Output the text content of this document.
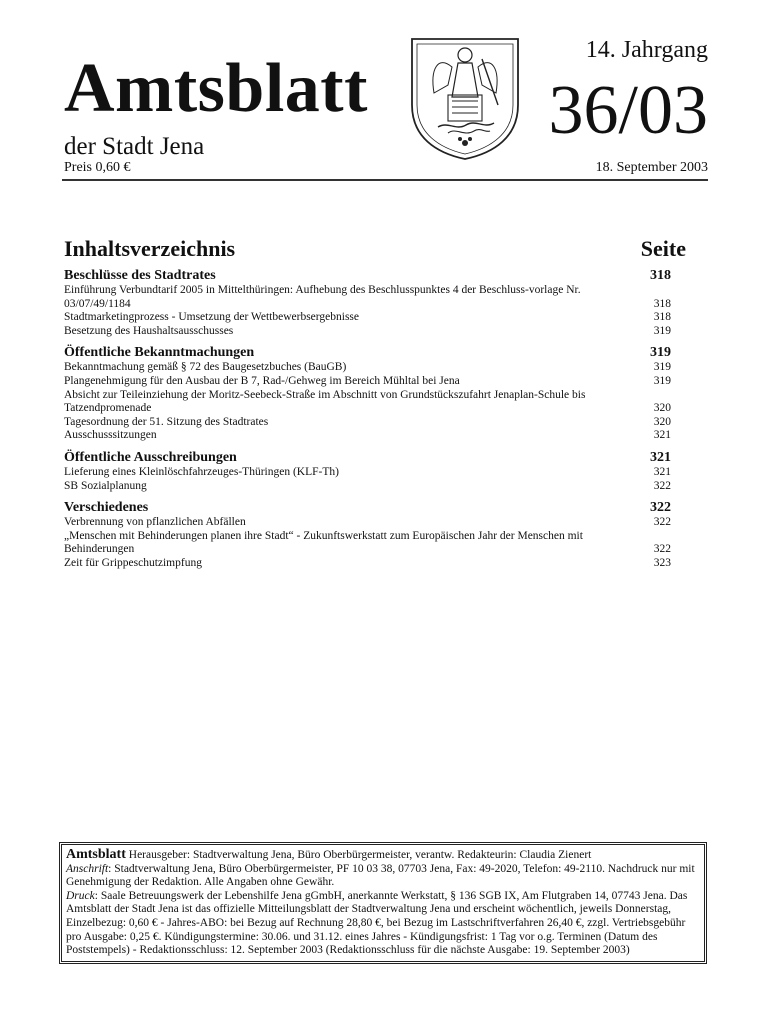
Amtsblatt
der Stadt Jena
Preis 0,60 €
14. Jahrgang
36/03
18. September 2003
Inhaltsverzeichnis	Seite
Beschlüsse des Stadtrates	318
Einführung Verbundtarif 2005 in Mittelthüringen: Aufhebung des Beschlusspunktes 4 der Beschluss-vorlage Nr. 03/07/49/1184	318
Stadtmarketingprozess - Umsetzung der Wettbewerbsergebnisse	318
Besetzung des Haushaltsausschusses	319
Öffentliche Bekanntmachungen	319
Bekanntmachung gemäß § 72 des Baugesetzbuches (BauGB)	319
Plangenehmigung für den Ausbau der B 7, Rad-/Gehweg im Bereich Mühltal bei Jena	319
Absicht zur Teileinziehung der Moritz-Seebeck-Straße im Abschnitt von Grundstückszufahrt Jenaplan-Schule bis Tatzendpromenade	320
Tagesordnung der 51. Sitzung des Stadtrates	320
Ausschusssitzungen	321
Öffentliche Ausschreibungen	321
Lieferung eines Kleinlöschfahrzeuges-Thüringen (KLF-Th)	321
SB Sozialplanung	322
Verschiedenes	322
Verbrennung von pflanzlichen Abfällen	322
„Menschen mit Behinderungen planen ihre Stadt“ - Zukunftswerkstatt zum Europäischen Jahr der Menschen mit Behinderungen	322
Zeit für Grippeschutzimpfung	323
Amtsblatt Herausgeber: Stadtverwaltung Jena, Büro Oberbürgermeister, verantw. Redakteurin: Claudia Zienert
Anschrift: Stadtverwaltung Jena, Büro Oberbürgermeister, PF 10 03 38, 07703 Jena, Fax: 49-2020, Telefon: 49-2110. Nachdruck nur mit Genehmigung der Redaktion. Alle Angaben ohne Gewähr.
Druck: Saale Betreuungswerk der Lebenshilfe Jena gGmbH, anerkannte Werkstatt, § 136 SGB IX, Am Flutgraben 14, 07743 Jena. Das Amtsblatt der Stadt Jena ist das offizielle Mitteilungsblatt der Stadtverwaltung Jena und erscheint wöchentlich, jeweils Donnerstag, Einzelbezug: 0,60 € - Jahres-ABO: bei Bezug auf Rechnung 28,80 €, bei Bezug im Lastschriftverfahren 26,40 €, zzgl. Vertriebsgebühr pro Ausgabe: 0,25 €. Kündigungstermine: 30.06. und 31.12. eines Jahres - Kündigungsfrist: 1 Tag vor o.g. Terminen (Datum des Poststempels) - Redaktionsschluss: 12. September 2003 (Redaktionsschluss für die nächste Ausgabe: 19. September 2003)
